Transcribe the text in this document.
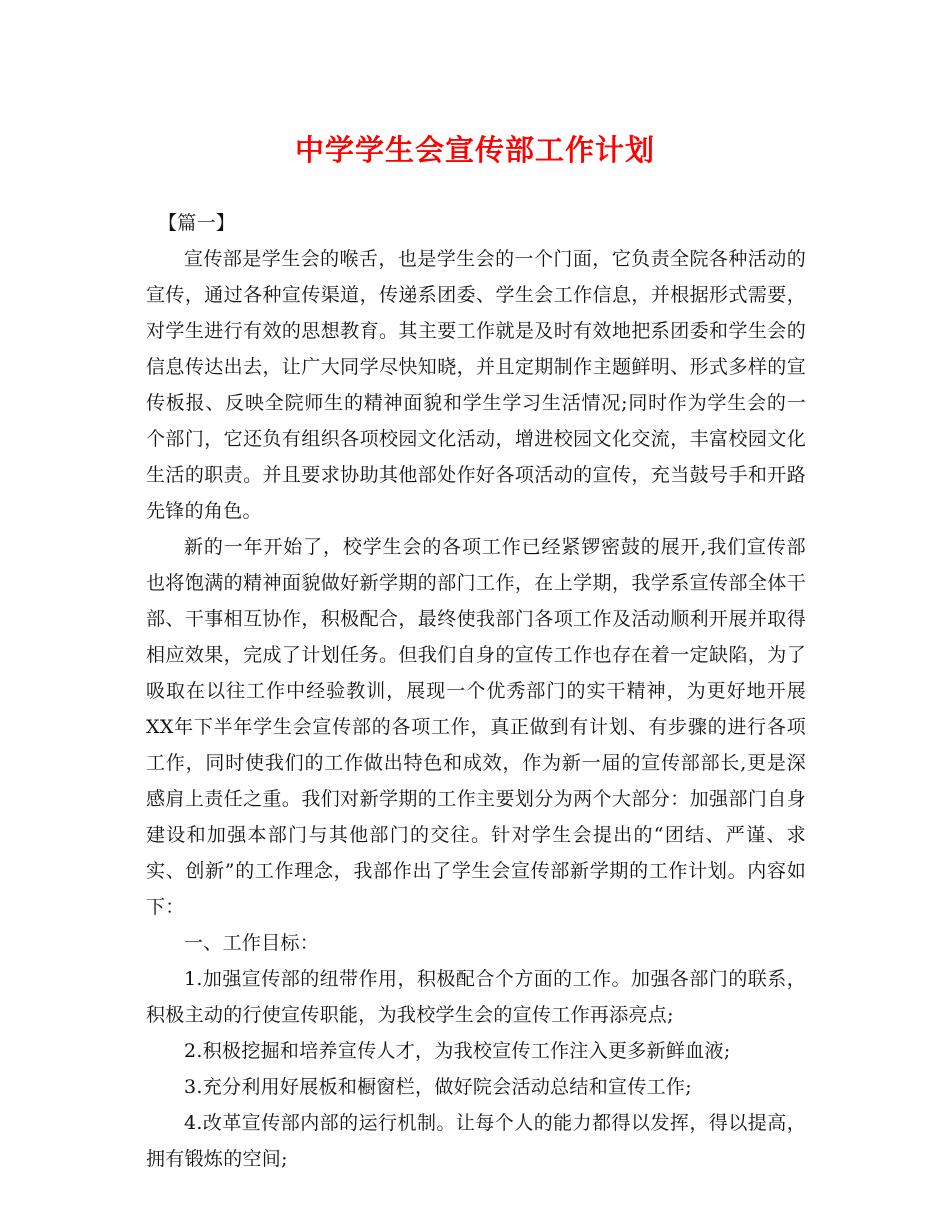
中学学生会宣传部工作计划

【篇一】

宣传部是学生会的喉舌，也是学生会的一个门面，它负责全院各种活动的宣传，通过各种宣传渠道，传递系团委、学生会工作信息，并根据形式需要，对学生进行有效的思想教育。其主要工作就是及时有效地把系团委和学生会的信息传达出去，让广大同学尽快知晓，并且定期制作主题鲜明、形式多样的宣传板报、反映全院师生的精神面貌和学生学习生活情况;同时作为学生会的一个部门，它还负有组织各项校园文化活动，增进校园文化交流，丰富校园文化生活的职责。并且要求协助其他部处作好各项活动的宣传，充当鼓号手和开路先锋的角色。

新的一年开始了，校学生会的各项工作已经紧锣密鼓的展开,我们宣传部也将饱满的精神面貌做好新学期的部门工作，在上学期，我学系宣传部全体干部、干事相互协作，积极配合，最终使我部门各项工作及活动顺利开展并取得相应效果，完成了计划任务。但我们自身的宣传工作也存在着一定缺陷，为了吸取在以往工作中经验教训，展现一个优秀部门的实干精神，为更好地开展XX年下半年学生会宣传部的各项工作，真正做到有计划、有步骤的进行各项工作，同时使我们的工作做出特色和成效，作为新一届的宣传部部长,更是深感肩上责任之重。我们对新学期的工作主要划分为两个大部分：加强部门自身建设和加强本部门与其他部门的交往。针对学生会提出的“团结、严谨、求实、创新”的工作理念，我部作出了学生会宣传部新学期的工作计划。内容如下：

一、工作目标：

1.加强宣传部的纽带作用，积极配合个方面的工作。加强各部门的联系，积极主动的行使宣传职能，为我校学生会的宣传工作再添亮点;

2.积极挖掘和培养宣传人才，为我校宣传工作注入更多新鲜血液;

3.充分利用好展板和橱窗栏，做好院会活动总结和宣传工作;

4.改革宣传部内部的运行机制。让每个人的能力都得以发挥，得以提高，拥有锻炼的空间;
